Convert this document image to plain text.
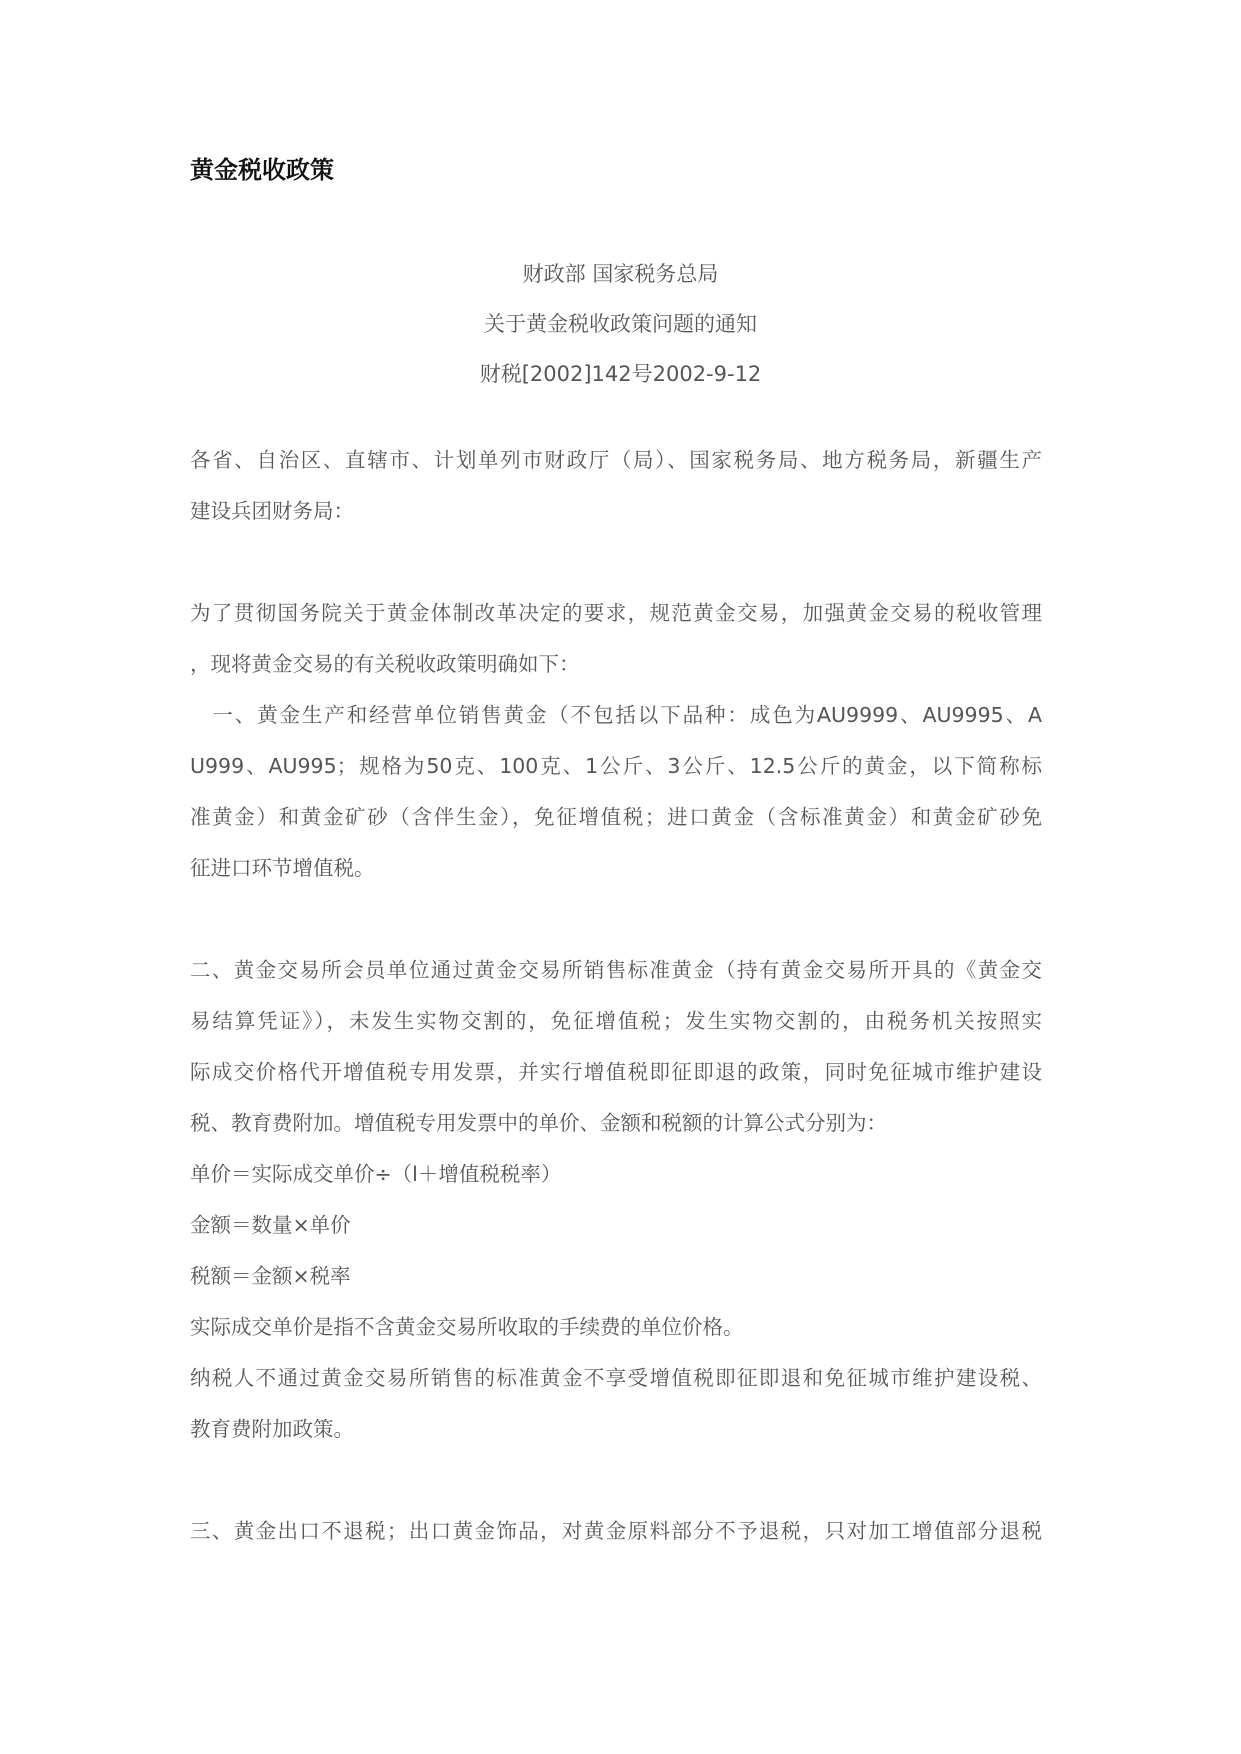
黄金税收政策
财政部 国家税务总局
关于黄金税收政策问题的通知
财税[2002]142号2002-9-12
各省、自治区、直辖市、计划单列市财政厅（局）、国家税务局、地方税务局，新疆生产
建设兵团财务局：
为了贯彻国务院关于黄金体制改革决定的要求，规范黄金交易，加强黄金交易的税收管理
，现将黄金交易的有关税收政策明确如下：
　一、黄金生产和经营单位销售黄金（不包括以下品种：成色为AU9999、AU9995、A
U999、AU995；规格为50克、100克、1公斤、3公斤、12.5公斤的黄金，以下简称标
准黄金）和黄金矿砂（含伴生金），免征增值税；进口黄金（含标准黄金）和黄金矿砂免
征进口环节增值税。
二、黄金交易所会员单位通过黄金交易所销售标准黄金（持有黄金交易所开具的《黄金交
易结算凭证》），未发生实物交割的，免征增值税；发生实物交割的，由税务机关按照实
际成交价格代开增值税专用发票，并实行增值税即征即退的政策，同时免征城市维护建设
税、教育费附加。增值税专用发票中的单价、金额和税额的计算公式分别为：
单价＝实际成交单价÷（l＋增值税税率）
金额＝数量×单价
税额＝金额×税率
实际成交单价是指不含黄金交易所收取的手续费的单位价格。
纳税人不通过黄金交易所销售的标准黄金不享受增值税即征即退和免征城市维护建设税、
教育费附加政策。
三、黄金出口不退税；出口黄金饰品，对黄金原料部分不予退税，只对加工增值部分退税
